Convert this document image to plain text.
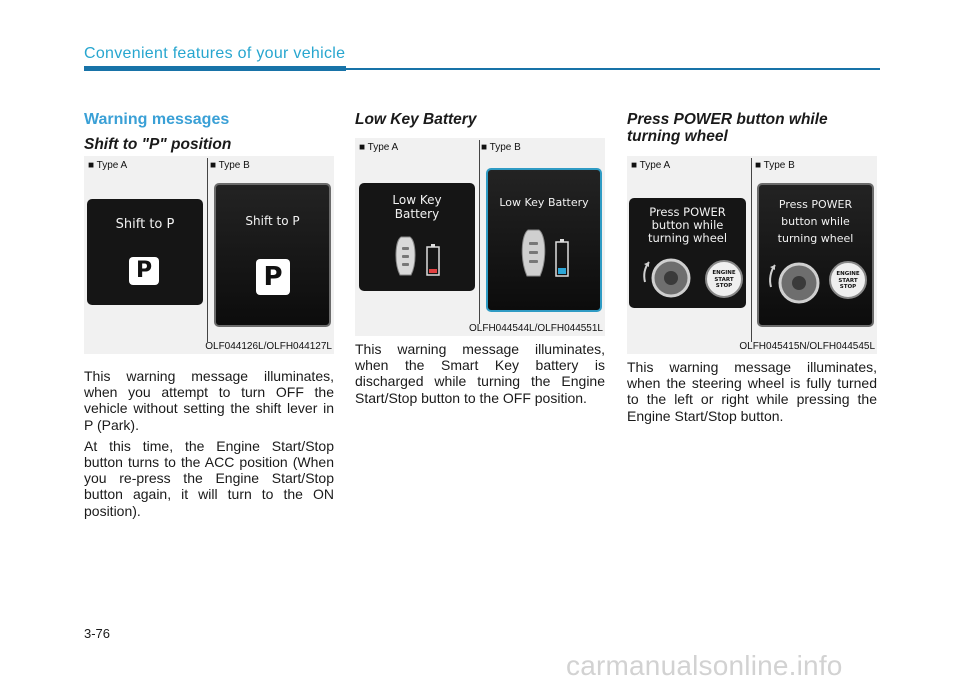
Convenient features of your vehicle
Warning messages
Shift to "P" position
■ Type A	■ Type B
Shift to P
P
Shift to P
P
OLF044126L/OLFH044127L

This warning message illuminates, when you attempt to turn OFF the vehicle without setting the shift lever in P (Park).

At this time, the Engine Start/Stop button turns to the ACC position (When you re-press the Engine Start/Stop button again, it will turn to the ON position).

Low Key Battery
■ Type A	■ Type B
Low Key
Battery
Low Key Battery
OLFH044544L/OLFH044551L

This warning message illuminates, when the Smart Key battery is discharged while turning the Engine Start/Stop button to the OFF position.

Press POWER button while turning wheel
■ Type A	■ Type B
Press POWER
button while
turning wheel
ENGINE
START
STOP
Press POWER
button while
turning wheel
ENGINE
START
STOP
OLFH045415N/OLFH044545L

This warning message illuminates, when the steering wheel is fully turned to the left or right while pressing the Engine Start/Stop button.

3-76
carmanualsonline.info
